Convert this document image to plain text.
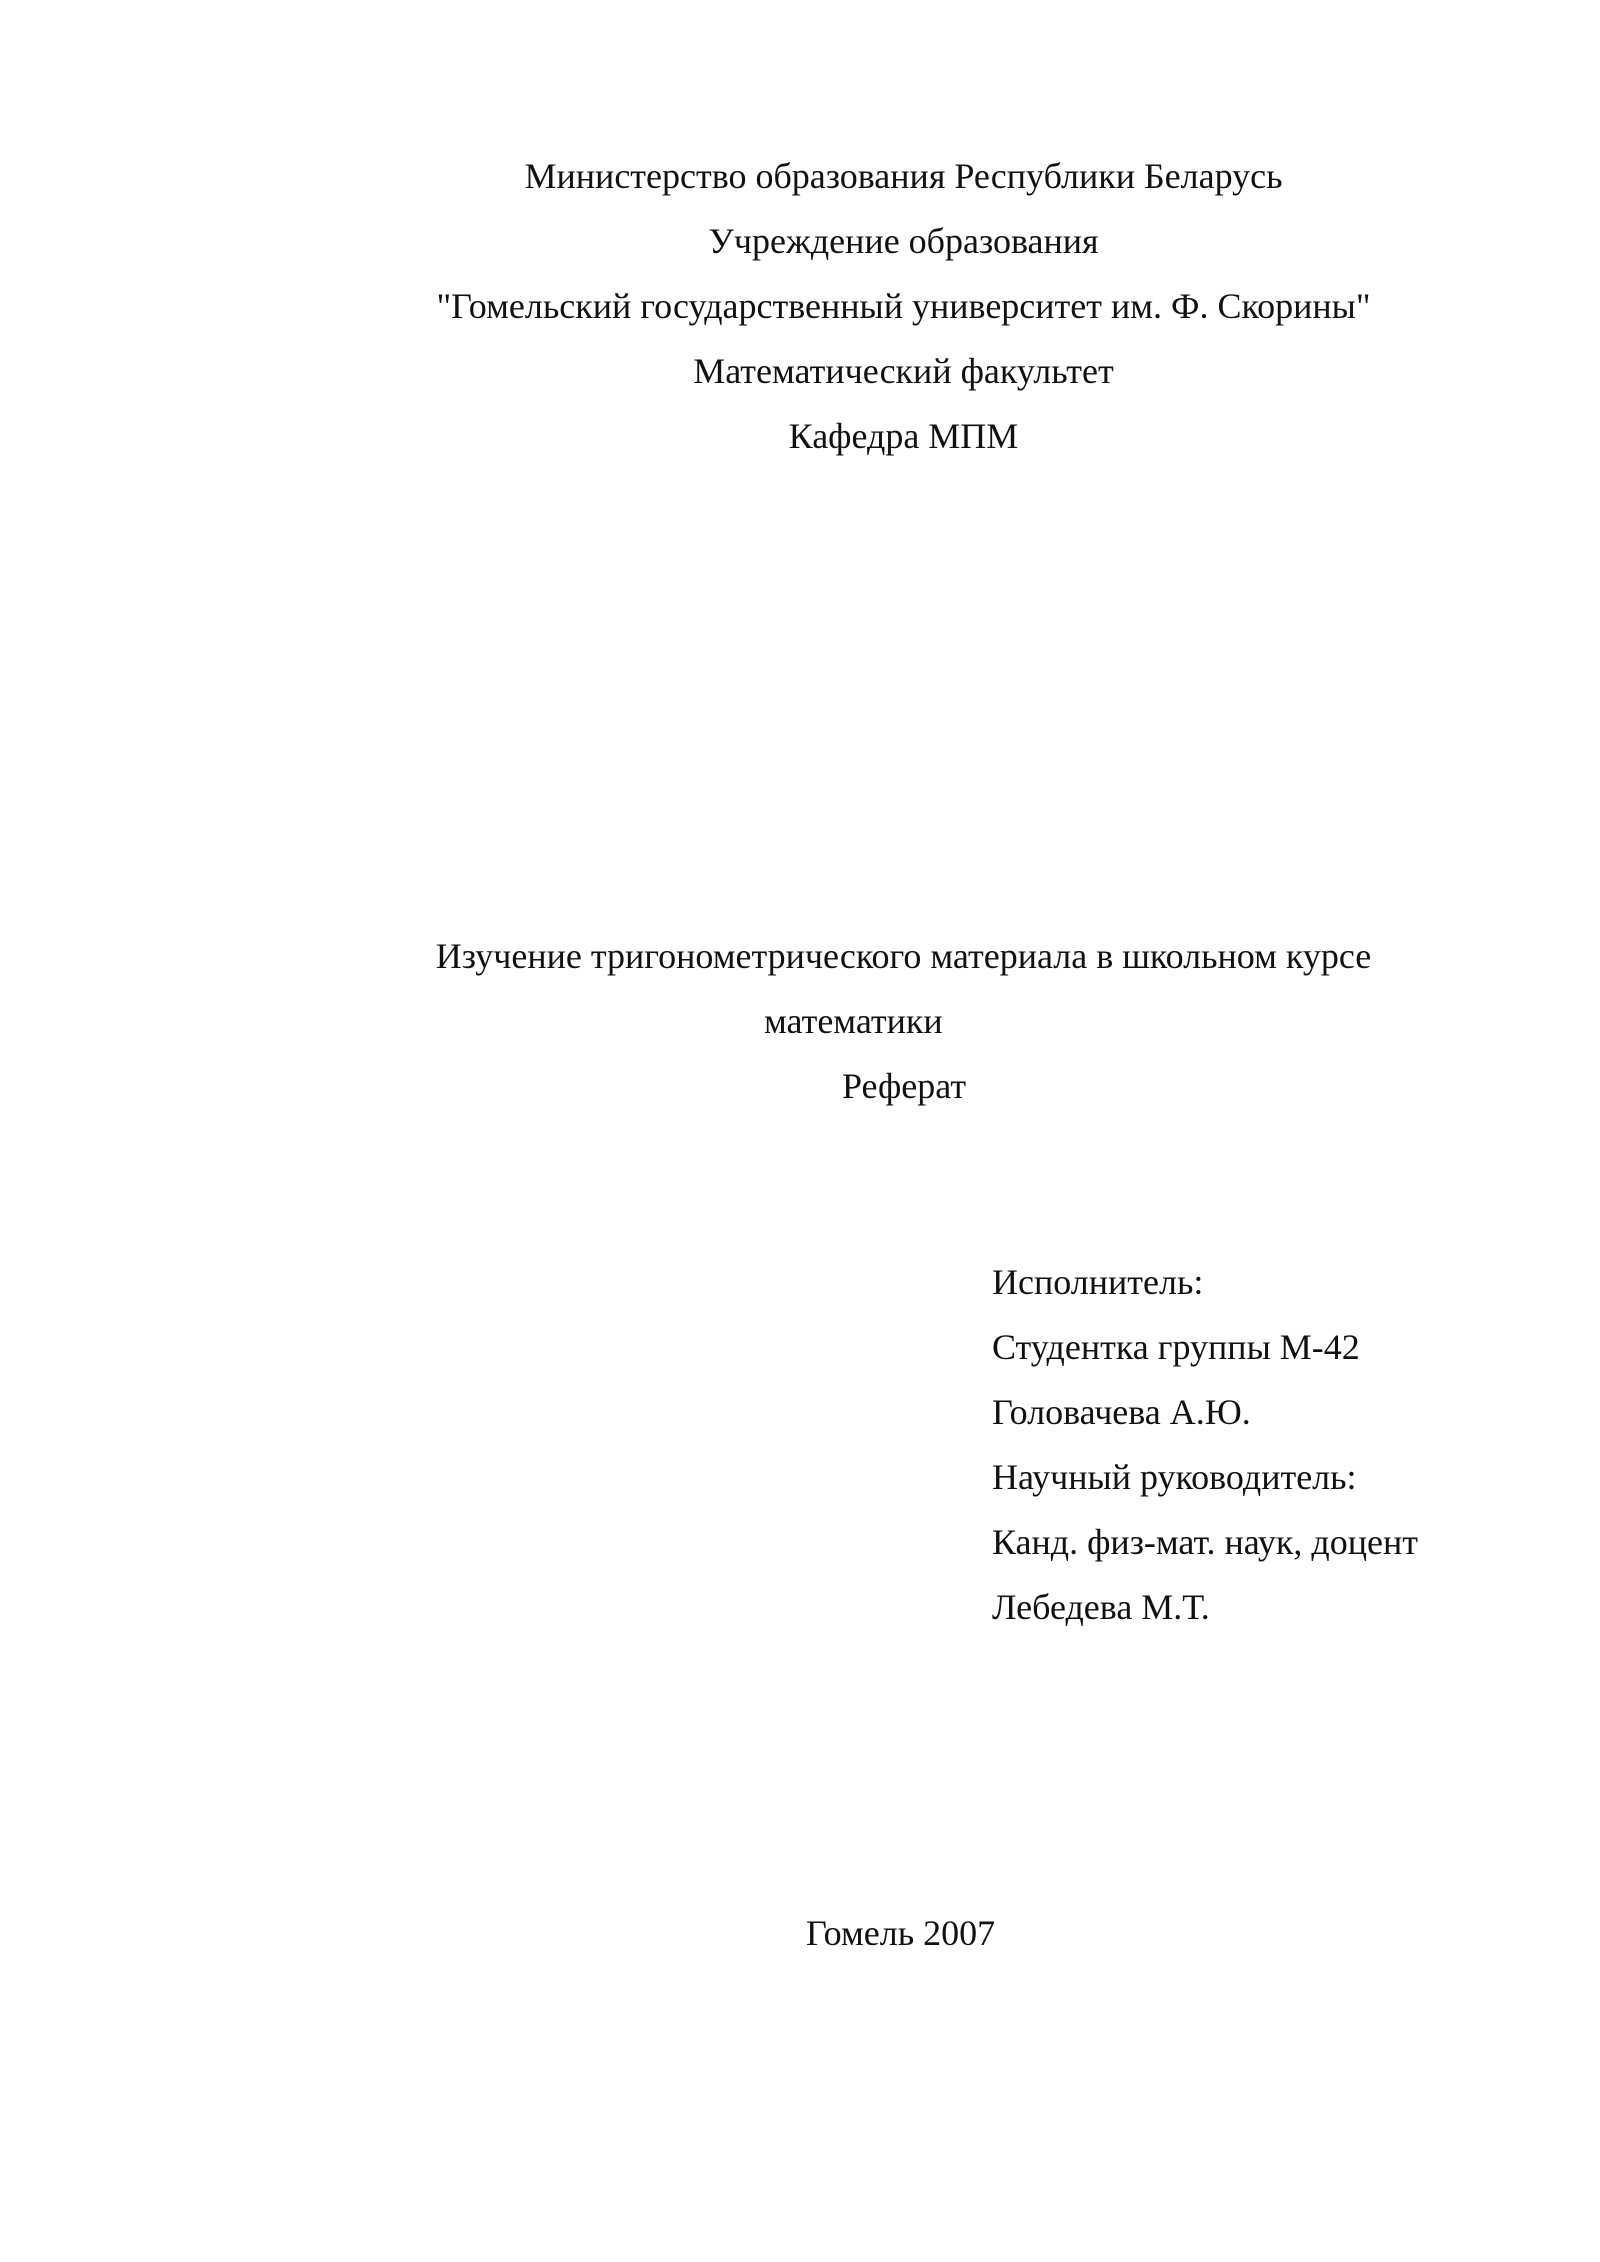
Министерство образования Республики Беларусь
Учреждение образования
"Гомельский государственный университет им. Ф. Скорины"
Математический факультет
Кафедра МПМ
Изучение тригонометрического материала в школьном курсе
математики
Реферат
Исполнитель:
Студентка группы М-42
Головачева А.Ю.
Научный руководитель:
Канд. физ-мат. наук, доцент
Лебедева М.Т.
Гомель 2007
